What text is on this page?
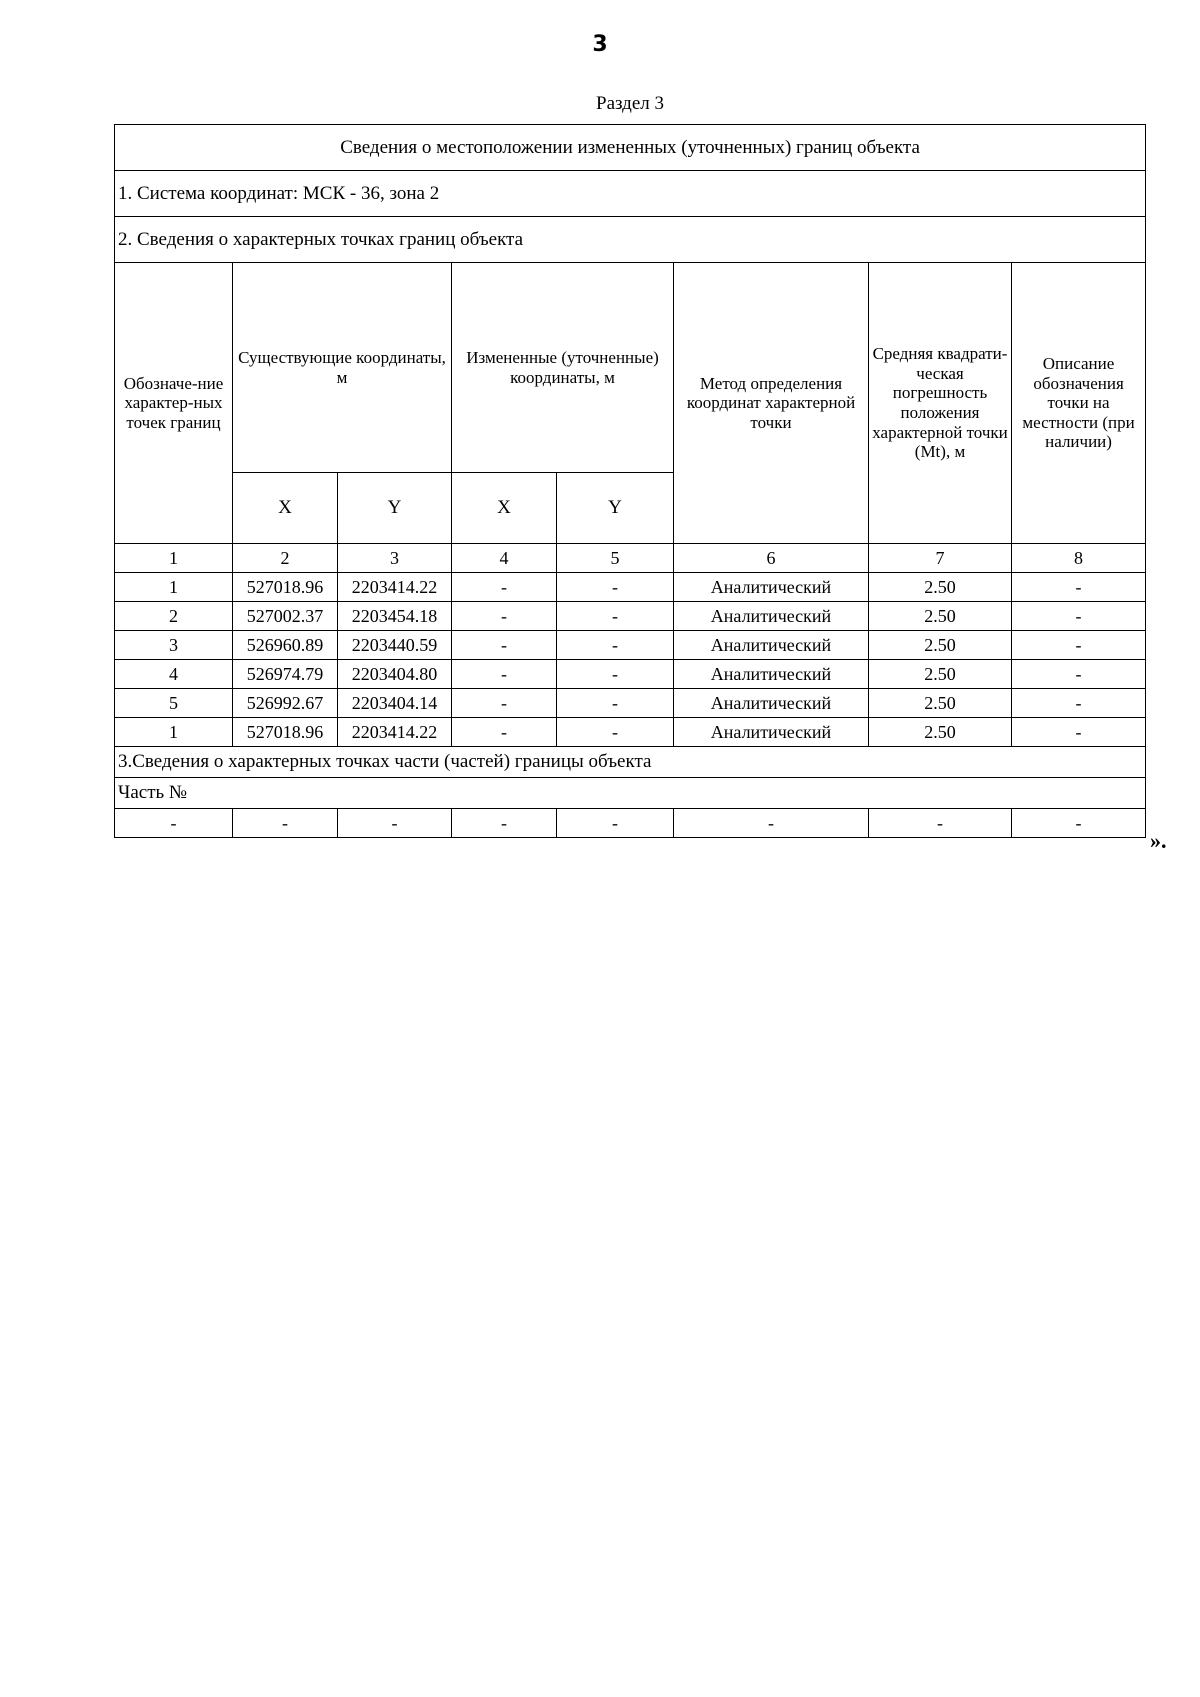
3
Раздел 3
Сведения о местоположении измененных (уточненных) границ объекта							
1. Система координат: МСК - 36, зона 2							
2. Сведения о характерных точках границ объекта							
Обозначе-ние характер-ных точек границ	Существующие координаты, м		Измененные (уточненные) координаты, м		Метод определения координат характерной точки	Средняя квадрати-ческая погрешность положения характерной точки (Mt), м	Описание обозначения точки на местности (при наличии)
	X	Y	X	Y			
1	2	3	4	5	6	7	8
1	527018.96	2203414.22	-	-	Аналитический	2.50	-
2	527002.37	2203454.18	-	-	Аналитический	2.50	-
3	526960.89	2203440.59	-	-	Аналитический	2.50	-
4	526974.79	2203404.80	-	-	Аналитический	2.50	-
5	526992.67	2203404.14	-	-	Аналитический	2.50	-
1	527018.96	2203414.22	-	-	Аналитический	2.50	-
3.Сведения о характерных точках части (частей) границы объекта							
Часть №							
-	-	-	-	-	-	-	-
».
